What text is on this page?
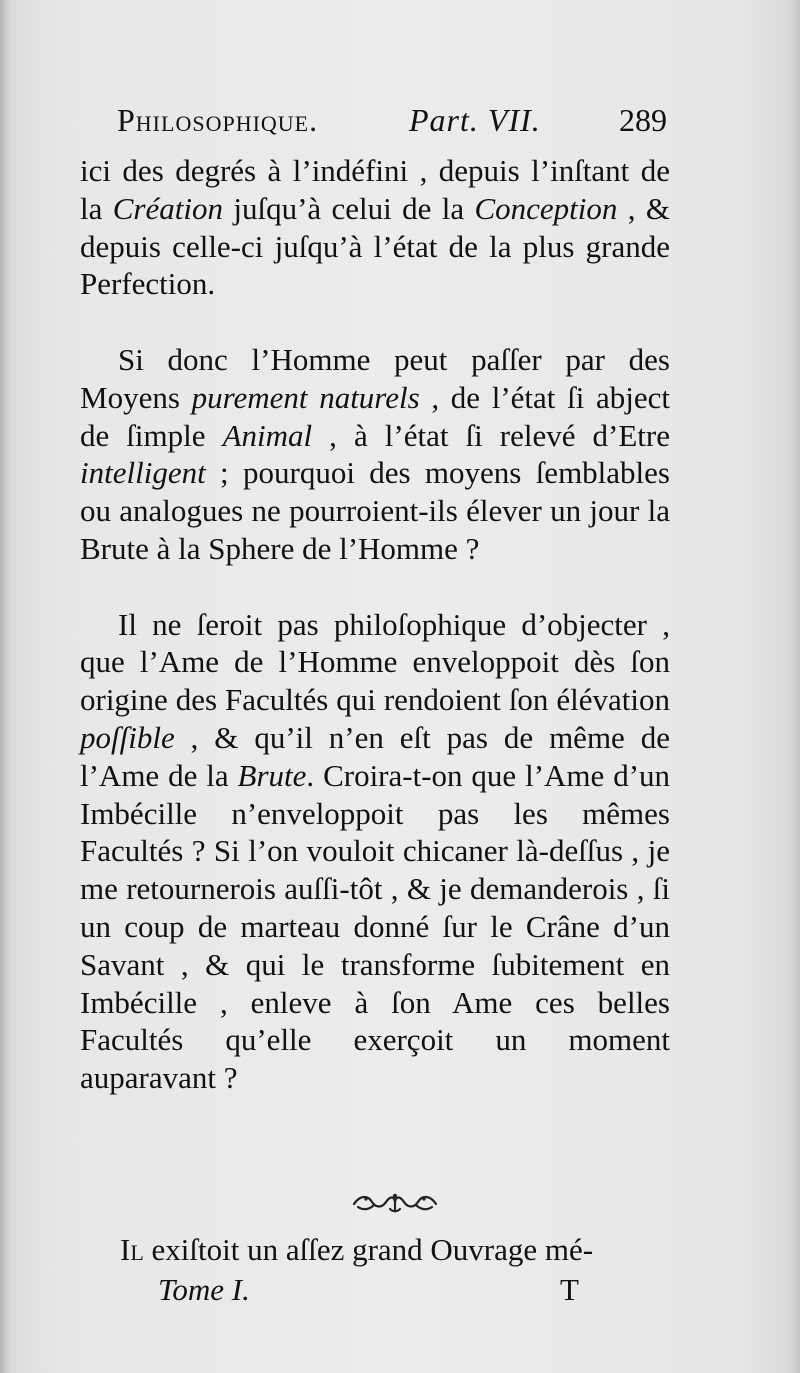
Philosophique.	Part. VII. 289

ici des degrés à l’indéfini , depuis l’inſtant de la Création juſqu’à celui de la Conception , & depuis celle-ci juſqu’à l’état de la plus grande Perfection.

Si donc l’Homme peut paſſer par des Moyens purement naturels , de l’état ſi abject de ſimple Animal , à l’état ſi relevé d’Etre intelligent ; pourquoi des moyens ſemblables ou analogues ne pourroient-ils élever un jour la Brute à la Sphere de l’Homme ?

Il ne ſeroit pas philoſophique d’objecter , que l’Ame de l’Homme enveloppoit dès ſon origine des Facultés qui rendoient ſon élévation poſſible , & qu’il n’en eſt pas de même de l’Ame de la Brute. Croira-t-on que l’Ame d’un Imbécille n’enveloppoit pas les mêmes Facultés ? Si l’on vouloit chicaner là-deſſus , je me retournerois auſſi-tôt , & je demanderois , ſi un coup de marteau donné ſur le Crâne d’un Savant , & qui le transforme ſubitement en Imbécille , enleve à ſon Ame ces belles Facultés qu’elle exerçoit un moment auparavant ?

Il exiſtoit un aſſez grand Ouvrage mé-
Tome I.	T
